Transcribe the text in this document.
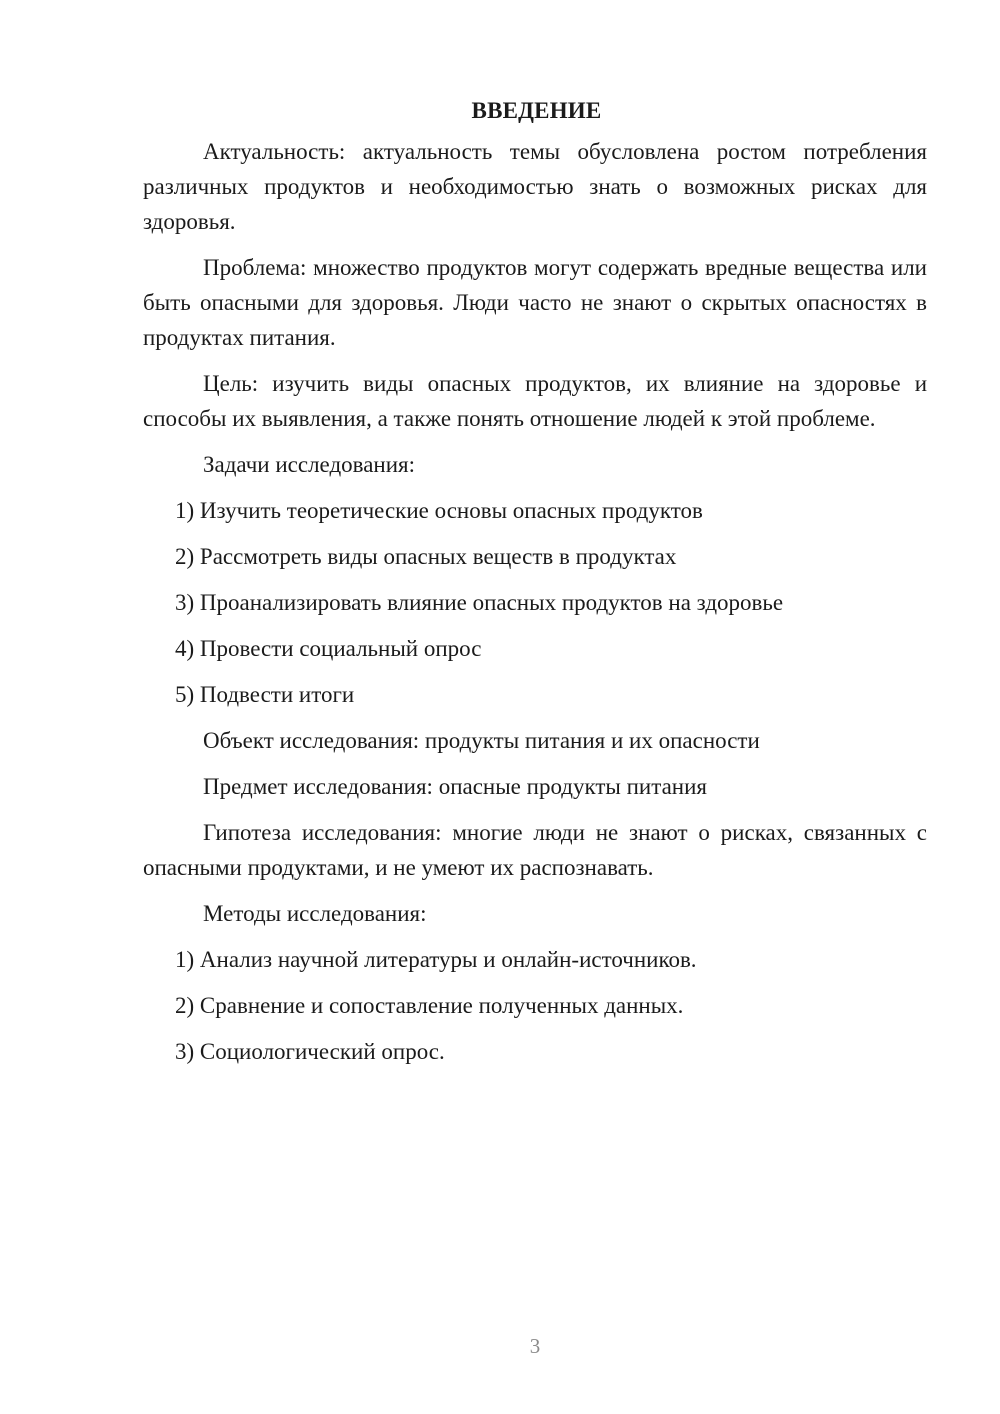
ВВЕДЕНИЕ

Актуальность: актуальность темы обусловлена ростом потребления различных продуктов и необходимостью знать о возможных рисках для здоровья.

Проблема: множество продуктов могут содержать вредные вещества или быть опасными для здоровья. Люди часто не знают о скрытых опасностях в продуктах питания.

Цель: изучить виды опасных продуктов, их влияние на здоровье и способы их выявления, а также понять отношение людей к этой проблеме.

Задачи исследования:

1) Изучить теоретические основы опасных продуктов

2) Рассмотреть виды опасных веществ в продуктах

3) Проанализировать влияние опасных продуктов на здоровье

4) Провести социальный опрос

5) Подвести итоги

Объект исследования: продукты питания и их опасности

Предмет исследования: опасные продукты питания

Гипотеза исследования: многие люди не знают о рисках, связанных с опасными продуктами, и не умеют их распознавать.

Методы исследования:

1) Анализ научной литературы и онлайн-источников.

2) Сравнение и сопоставление полученных данных.

3) Социологический опрос.

3
